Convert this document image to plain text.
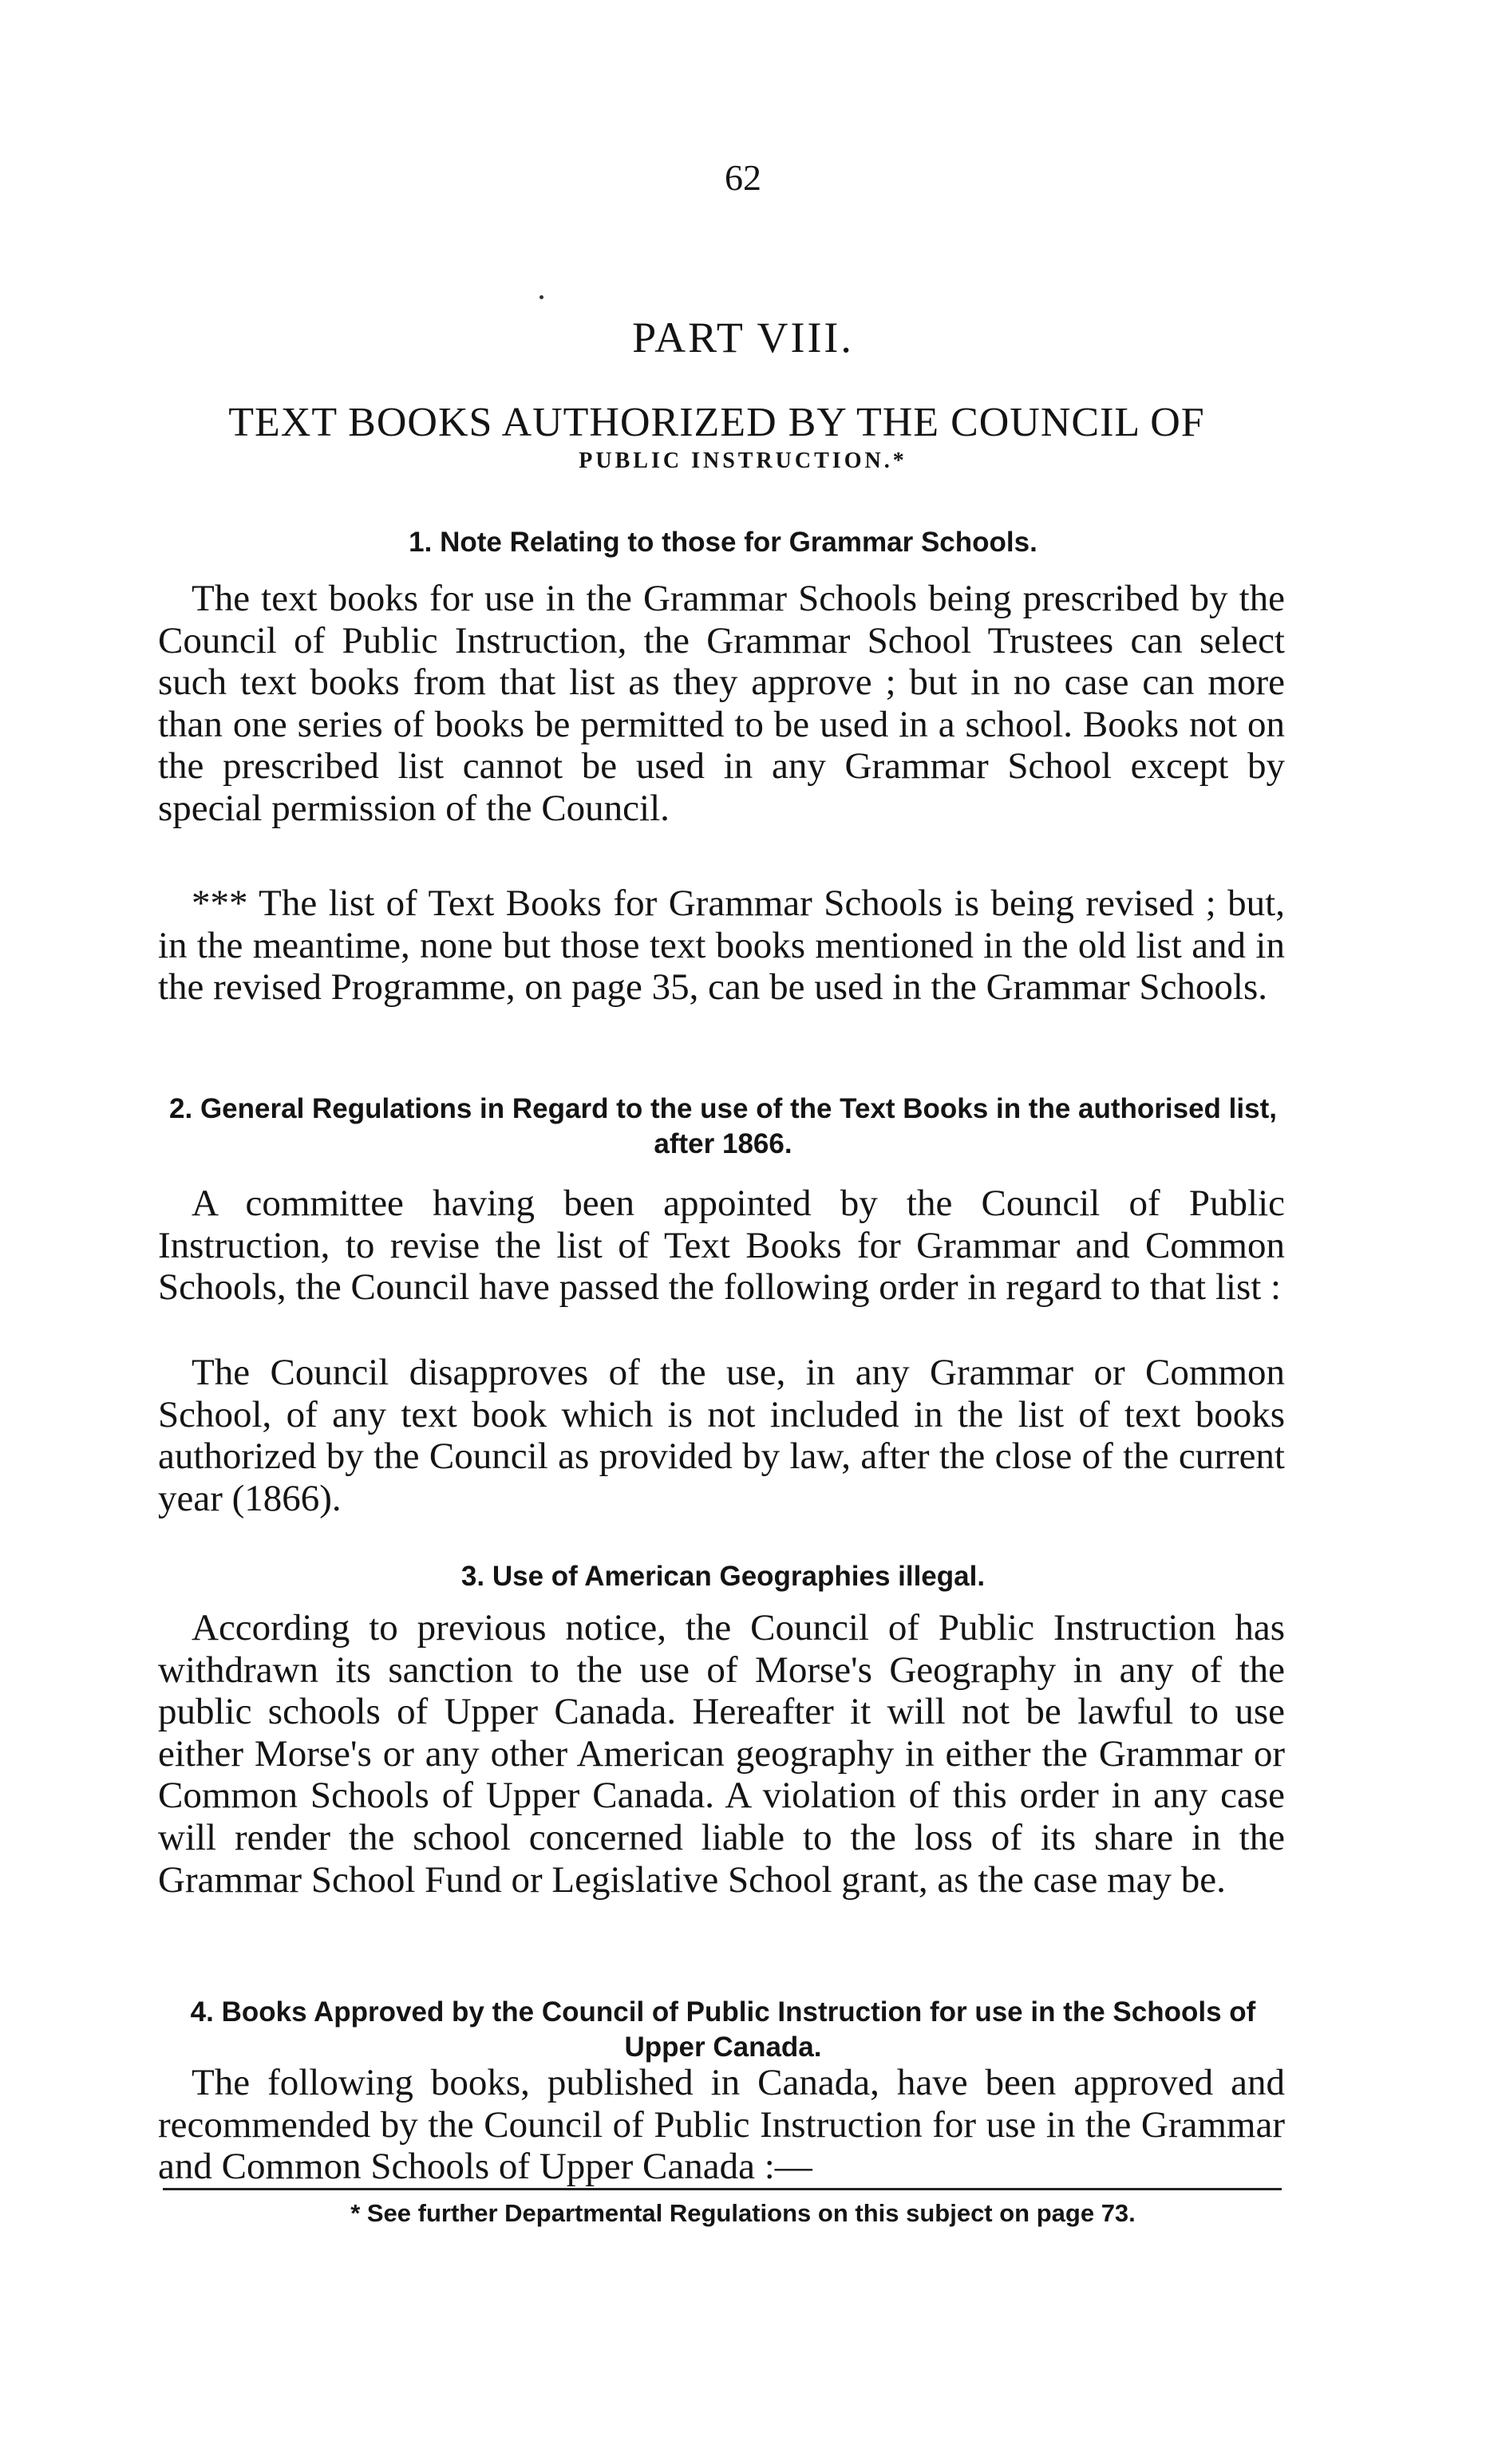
62
PART VIII.
TEXT BOOKS AUTHORIZED BY THE COUNCIL OF
PUBLIC INSTRUCTION.*
1. Note Relating to those for Grammar Schools.
The text books for use in the Grammar Schools being prescribed by the Council of Public Instruction, the Grammar School Trustees can select such text books from that list as they approve ; but in no case can more than one series of books be permitted to be used in a school. Books not on the prescribed list cannot be used in any Grammar School except by special permission of the Council.
*** The list of Text Books for Grammar Schools is being revised ; but, in the meantime, none but those text books mentioned in the old list and in the revised Programme, on page 35, can be used in the Grammar Schools.
2. General Regulations in Regard to the use of the Text Books in the authorised list, after 1866.
A committee having been appointed by the Council of Public Instruction, to revise the list of Text Books for Grammar and Common Schools, the Council have passed the following order in regard to that list :
The Council disapproves of the use, in any Grammar or Common School, of any text book which is not included in the list of text books authorized by the Council as provided by law, after the close of the current year (1866).
3. Use of American Geographies illegal.
According to previous notice, the Council of Public Instruction has withdrawn its sanction to the use of Morse's Geography in any of the public schools of Upper Canada. Hereafter it will not be lawful to use either Morse's or any other American geography in either the Grammar or Common Schools of Upper Canada. A violation of this order in any case will render the school concerned liable to the loss of its share in the Grammar School Fund or Legislative School grant, as the case may be.
4. Books Approved by the Council of Public Instruction for use in the Schools of Upper Canada.
The following books, published in Canada, have been approved and recommended by the Council of Public Instruction for use in the Grammar and Common Schools of Upper Canada :—
* See further Departmental Regulations on this subject on page 73.
